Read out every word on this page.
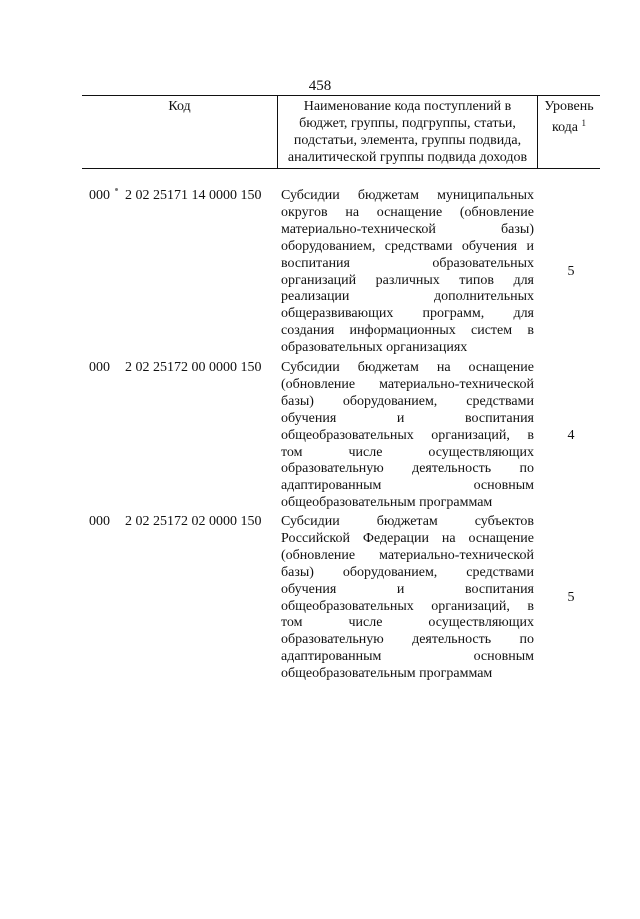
458
Код	Наименование кода поступлений в
бюджет, группы, подгруппы, статьи,
подстатьи, элемента, группы подвида,
аналитической группы подвида доходов
Уровень
кода $^1$
000 2 02 25171 14 0000 150 Субсидии бюджетам муниципальных
округов на оснащение (обновление
материально-технической базы)
оборудованием, средствами обучения и
воспитания образовательных
организаций различных типов для
реализации дополнительных
общеразвивающих программ, для
создания информационных систем в
образовательных организациях
5
000 2 02 25172 00 0000 150 Субсидии бюджетам на оснащение
(обновление материально-технической
базы) оборудованием, средствами
обучения и воспитания
общеобразовательных организаций, в
том числе осуществляющих
образовательную деятельность по
адаптированным основным
общеобразовательным программам
4
000 2 02 25172 02 0000 150 Субсидии бюджетам субъектов
Российской Федерации на оснащение
(обновление материально-технической
базы) оборудованием, средствами
обучения и воспитания
общеобразовательных организаций, в
том числе осуществляющих
образовательную деятельность по
адаптированным основным
общеобразовательным программам
5
